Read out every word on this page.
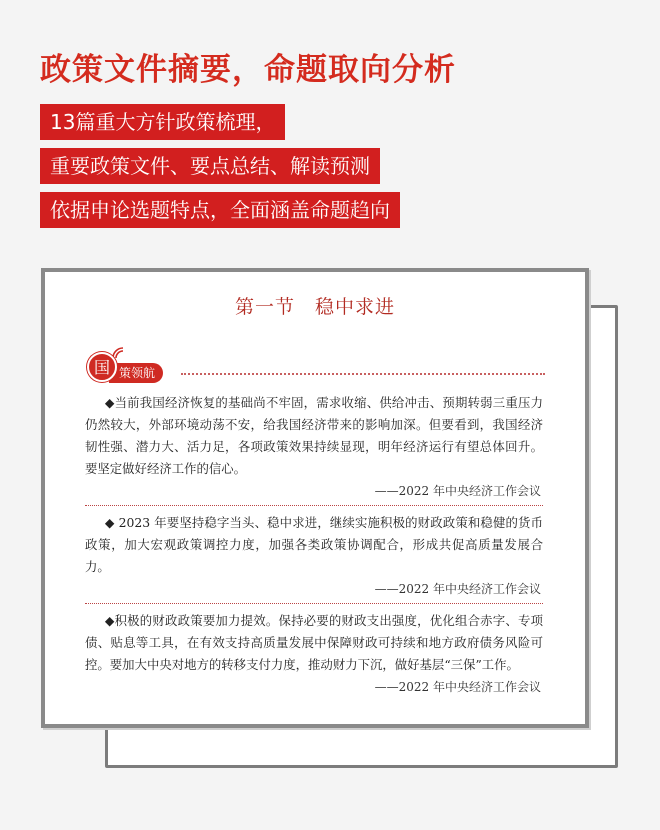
政策文件摘要，命题取向分析
13篇重大方针政策梳理，
重要政策文件、要点总结、解读预测
依据申论选题特点，全面涵盖命题趋向
第一节　稳中求进
国 策领航

◆当前我国经济恢复的基础尚不牢固，需求收缩、供给冲击、预期转弱三重压力仍然较大，外部环境动荡不安，给我国经济带来的影响加深。但要看到，我国经济韧性强、潜力大、活力足，各项政策效果持续显现，明年经济运行有望总体回升。要坚定做好经济工作的信心。

——2022 年中央经济工作会议

◆ 2023 年要坚持稳字当头、稳中求进，继续实施积极的财政政策和稳健的货币政策，加大宏观政策调控力度，加强各类政策协调配合，形成共促高质量发展合力。

——2022 年中央经济工作会议

◆积极的财政政策要加力提效。保持必要的财政支出强度，优化组合赤字、专项债、贴息等工具，在有效支持高质量发展中保障财政可持续和地方政府债务风险可控。要加大中央对地方的转移支付力度，推动财力下沉，做好基层“三保”工作。

——2022 年中央经济工作会议
